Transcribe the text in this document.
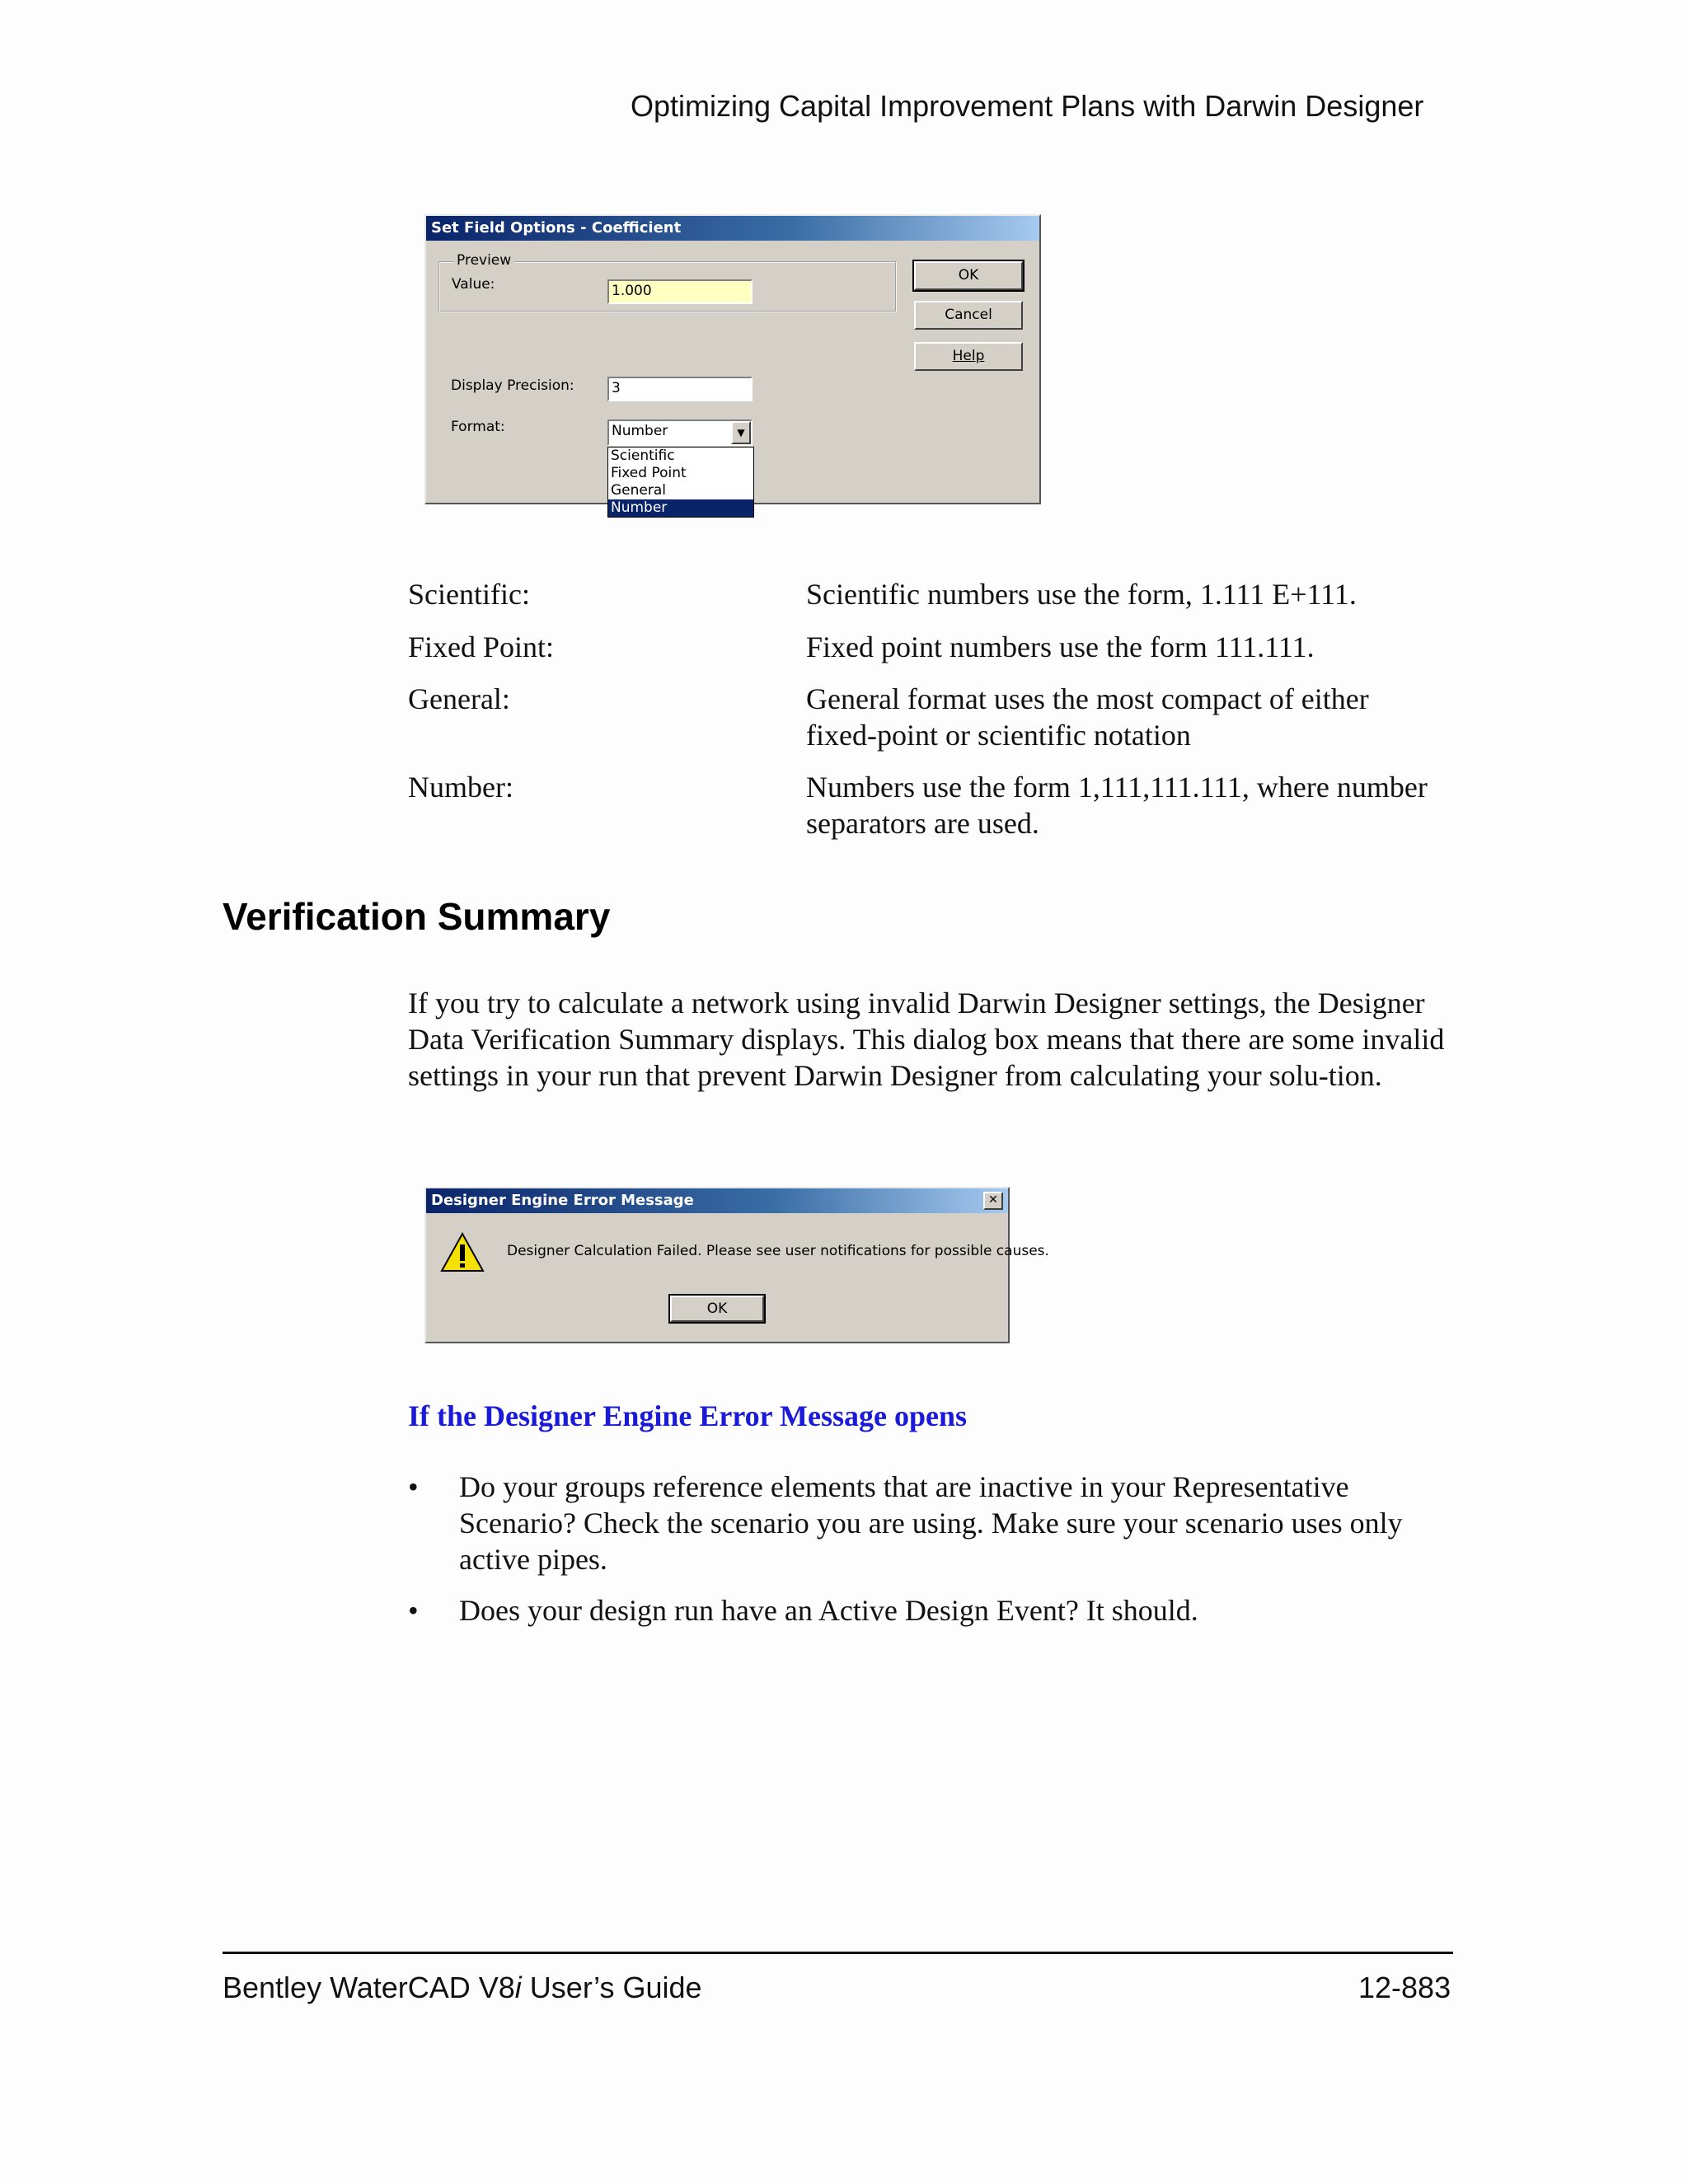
Optimizing Capital Improvement Plans with Darwin Designer
Set Field Options - Coefficient
Preview
Value:	1.000
OK
Cancel
Help
Display Precision:	3
Format:	Number	▼
Scientific
Fixed Point
General
Number
Scientific:	Scientific numbers use the form, 1.111 E+111.
Fixed Point:	Fixed point numbers use the form 111.111.
General:	General format uses the most compact of either fixed-point or scientific notation
Number:	Numbers use the form 1,111,111.111, where number separators are used.
Verification Summary
If you try to calculate a network using invalid Darwin Designer settings, the Designer Data Verification Summary displays. This dialog box means that there are some invalid settings in your run that prevent Darwin Designer from calculating your solu-tion.
Designer Engine Error Message	✕
Designer Calculation Failed. Please see user notifications for possible causes.
OK
If the Designer Engine Error Message opens
• Do your groups reference elements that are inactive in your Representative Scenario? Check the scenario you are using. Make sure your scenario uses only active pipes.
• Does your design run have an Active Design Event? It should.
Bentley WaterCAD V8i User’s Guide	12-883
